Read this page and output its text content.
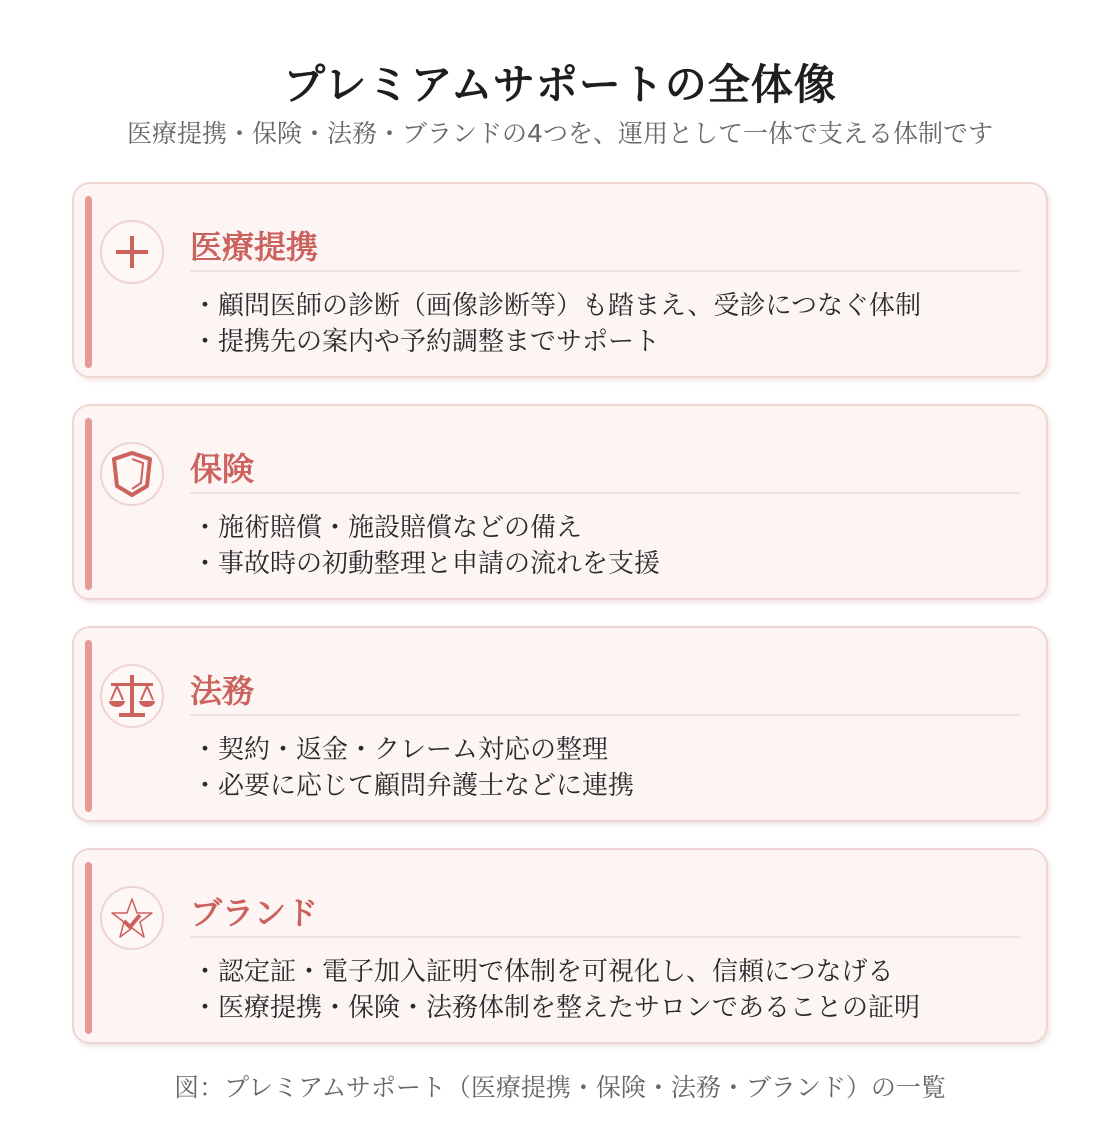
プレミアムサポートの全体像
医療提携・保険・法務・ブランドの4つを、運用として一体で支える体制です
医療提携
・顧問医師の診断（画像診断等）も踏まえ、受診につなぐ体制
・提携先の案内や予約調整までサポート
保険
・施術賠償・施設賠償などの備え
・事故時の初動整理と申請の流れを支援
法務
・契約・返金・クレーム対応の整理
・必要に応じて顧問弁護士などに連携
ブランド
・認定証・電子加入証明で体制を可視化し、信頼につなげる
・医療提携・保険・法務体制を整えたサロンであることの証明
図：プレミアムサポート（医療提携・保険・法務・ブランド）の一覧
